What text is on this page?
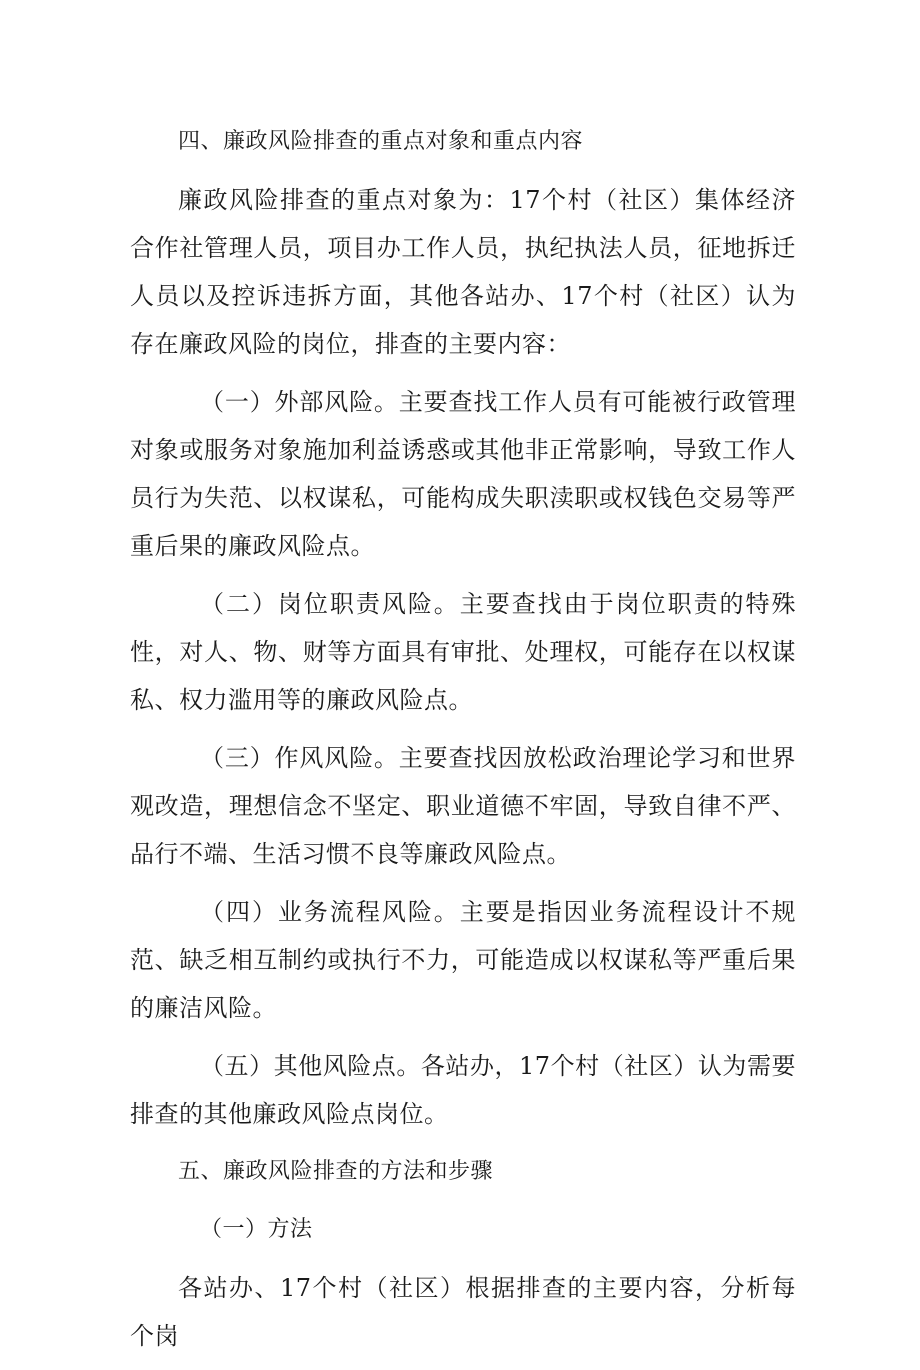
四、廉政风险排查的重点对象和重点内容

廉政风险排查的重点对象为：17个村（社区）集体经济合作社管理人员，项目办工作人员，执纪执法人员，征地拆迁人员以及控诉违拆方面，其他各站办、17个村（社区）认为存在廉政风险的岗位，排查的主要内容：

（一）外部风险。主要查找工作人员有可能被行政管理对象或服务对象施加利益诱惑或其他非正常影响，导致工作人员行为失范、以权谋私，可能构成失职渎职或权钱色交易等严重后果的廉政风险点。

（二）岗位职责风险。主要查找由于岗位职责的特殊性，对人、物、财等方面具有审批、处理权，可能存在以权谋私、权力滥用等的廉政风险点。

（三）作风风险。主要查找因放松政治理论学习和世界观改造，理想信念不坚定、职业道德不牢固，导致自律不严、品行不端、生活习惯不良等廉政风险点。

（四）业务流程风险。主要是指因业务流程设计不规范、缺乏相互制约或执行不力，可能造成以权谋私等严重后果的廉洁风险。

（五）其他风险点。各站办，17个村（社区）认为需要排查的其他廉政风险点岗位。

五、廉政风险排查的方法和步骤

（一）方法

各站办、17个村（社区）根据排查的主要内容，分析每个岗
